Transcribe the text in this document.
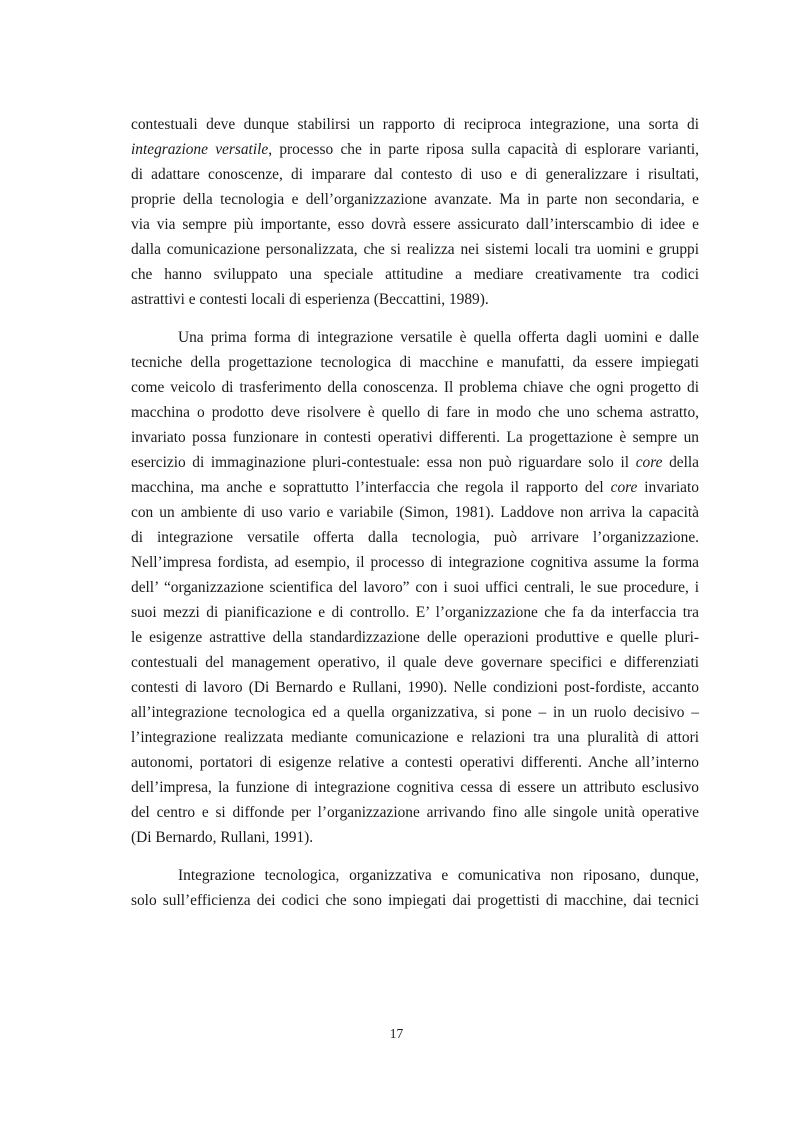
contestuali deve dunque stabilirsi un rapporto di reciproca integrazione, una sorta di
integrazione versatile, processo che in parte riposa sulla capacità di esplorare varianti,
di adattare conoscenze, di imparare dal contesto di uso e di generalizzare i risultati,
proprie della tecnologia e dell’organizzazione avanzate. Ma in parte non secondaria, e
via via sempre più importante, esso dovrà essere assicurato dall’interscambio di idee e
dalla comunicazione personalizzata, che si realizza nei sistemi locali tra uomini e gruppi
che hanno sviluppato una speciale attitudine a mediare creativamente tra codici
astrattivi e contesti locali di esperienza (Beccattini, 1989).

Una prima forma di integrazione versatile è quella offerta dagli uomini e dalle
tecniche della progettazione tecnologica di macchine e manufatti, da essere impiegati
come veicolo di trasferimento della conoscenza. Il problema chiave che ogni progetto di
macchina o prodotto deve risolvere è quello di fare in modo che uno schema astratto,
invariato possa funzionare in contesti operativi differenti. La progettazione è sempre un
esercizio di immaginazione pluri-contestuale: essa non può riguardare solo il core della
macchina, ma anche e soprattutto l’interfaccia che regola il rapporto del core invariato
con un ambiente di uso vario e variabile (Simon, 1981). Laddove non arriva la capacità
di integrazione versatile offerta dalla tecnologia, può arrivare l’organizzazione.
Nell’impresa fordista, ad esempio, il processo di integrazione cognitiva assume la forma
dell’ “organizzazione scientifica del lavoro” con i suoi uffici centrali, le sue procedure, i
suoi mezzi di pianificazione e di controllo. E’ l’organizzazione che fa da interfaccia tra
le esigenze astrattive della standardizzazione delle operazioni produttive e quelle pluri-
contestuali del management operativo, il quale deve governare specifici e differenziati
contesti di lavoro (Di Bernardo e Rullani, 1990). Nelle condizioni post-fordiste, accanto
all’integrazione tecnologica ed a quella organizzativa, si pone – in un ruolo decisivo –
l’integrazione realizzata mediante comunicazione e relazioni tra una pluralità di attori
autonomi, portatori di esigenze relative a contesti operativi differenti. Anche all’interno
dell’impresa, la funzione di integrazione cognitiva cessa di essere un attributo esclusivo
del centro e si diffonde per l’organizzazione arrivando fino alle singole unità operative
(Di Bernardo, Rullani, 1991).

Integrazione tecnologica, organizzativa e comunicativa non riposano, dunque,
solo sull’efficienza dei codici che sono impiegati dai progettisti di macchine, dai tecnici

17
